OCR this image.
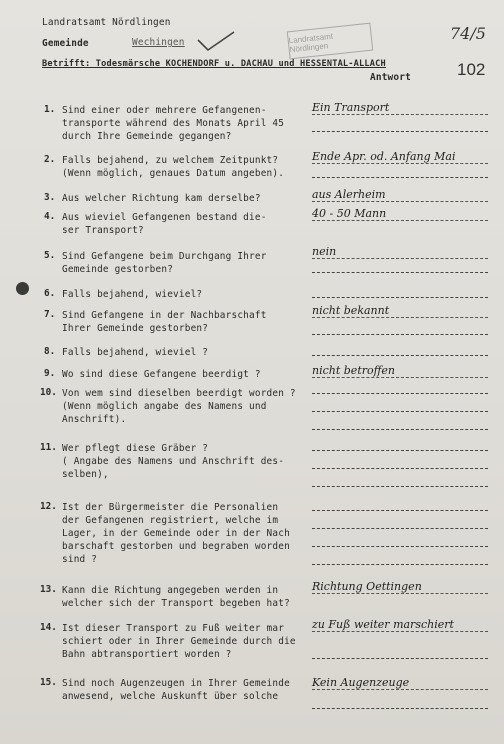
Landratsamt Nördlingen
Gemeinde	Wechingen	Landratsamt Nördlingen
74/5
Betrifft: Todesmärsche KOCHENDORF u. DACHAU und HESSENTAL-ALLACH
Antwort	102
1. Sind einer oder mehrere Gefangenen-
transporte während des Monats April 45
durch Ihre Gemeinde gegangen?
Ein Transport
2. Falls bejahend, zu welchem Zeitpunkt?
(Wenn möglich, genaues Datum angeben).
Ende Apr. od. Anfang Mai
3. Aus welcher Richtung kam derselbe?	aus Alerheim
4. Aus wieviel Gefangenen bestand die-
ser Transport?
40 - 50 Mann
5. Sind Gefangene beim Durchgang Ihrer
Gemeinde gestorben?
nein
6. Falls bejahend, wieviel?
7. Sind Gefangene in der Nachbarschaft
Ihrer Gemeinde gestorben?
nicht bekannt
8. Falls bejahend, wieviel ?
9. Wo sind diese Gefangene beerdigt ?	nicht betroffen
10. Von wem sind dieselben beerdigt worden ?
(Wenn möglich angabe des Namens und
Anschrift).
11. Wer pflegt diese Gräber ?
( Angabe des Namens und Anschrift des-
selben),
12. Ist der Bürgermeister die Personalien
der Gefangenen registriert, welche im
Lager, in der Gemeinde oder in der Nach
barschaft gestorben und begraben worden
sind ?
13. Kann die Richtung angegeben werden in
welcher sich der Transport begeben hat?
Richtung Oettingen
14. Ist dieser Transport zu Fuß weiter mar
schiert oder in Ihrer Gemeinde durch die
Bahn abtransportiert worden ?
zu Fuß weiter marschiert
15. Sind noch Augenzeugen in Ihrer Gemeinde
anwesend, welche Auskunft über solche
Kein Augenzeuge
